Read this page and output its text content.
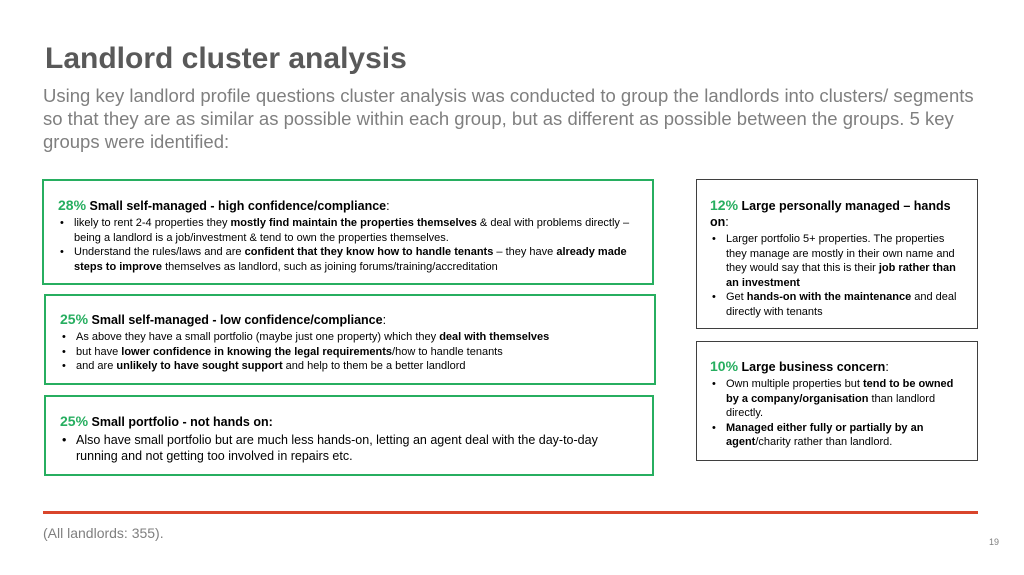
Landlord cluster analysis

Using key landlord profile questions cluster analysis was conducted to group the landlords into clusters/ segments so that they are as similar as possible within each group, but as different as possible between the groups. 5 key groups were identified:

28% Small self-managed - high confidence/compliance:

• likely to rent 2-4 properties they mostly find maintain the properties themselves & deal with problems directly – being a landlord is a job/investment & tend to own the properties themselves.
• Understand the rules/laws and are confident that they know how to handle tenants – they have already made steps to improve themselves as landlord, such as joining forums/training/accreditation

25% Small self-managed - low confidence/compliance:

• As above they have a small portfolio (maybe just one property) which they deal with themselves
• but have lower confidence in knowing the legal requirements/how to handle tenants
• and are unlikely to have sought support and help to them be a better landlord

25% Small portfolio - not hands on:

• Also have small portfolio but are much less hands-on, letting an agent deal with the day-to-day running and not getting too involved in repairs etc.

12% Large personally managed – hands on:

• Larger portfolio 5+ properties. The properties they manage are mostly in their own name and they would say that this is their job rather than an investment
• Get hands-on with the maintenance and deal directly with tenants

10% Large business concern:

• Own multiple properties but tend to be owned by a company/organisation than landlord directly.
• Managed either fully or partially by an agent/charity rather than landlord.
(All landlords: 355).
19
